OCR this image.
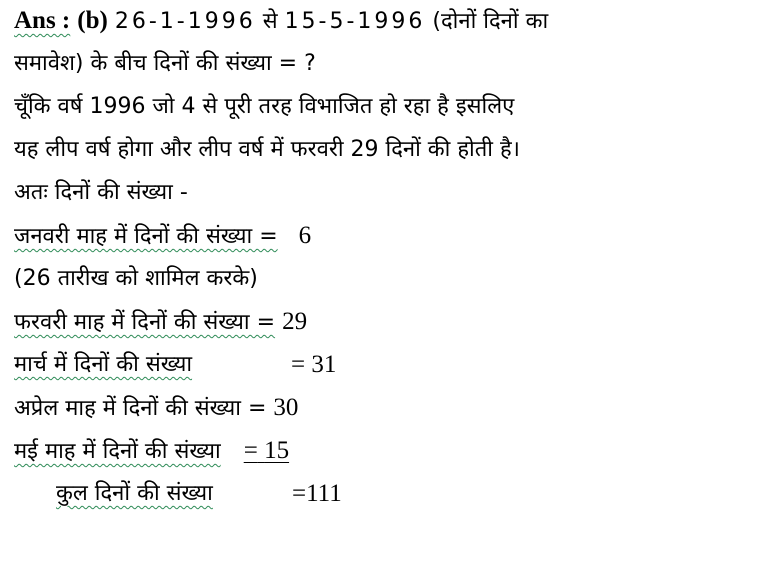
Ans : (b) 26-1-1996 से 15-5-1996 (दोनों दिनों का
समावेश) के बीच दिनों की संख्या = ?
चूँकि वर्ष 1996 जो 4 से पूरी तरह विभाजित हो रहा है इसलिए
यह लीप वर्ष होगा और लीप वर्ष में फरवरी 29 दिनों की होती है।
अतः दिनों की संख्या -
जनवरी माह में दिनों की संख्या = 6
(26 तारीख को शामिल करके)
फरवरी माह में दिनों की संख्या = 29
मार्च में दिनों की संख्या	= 31
अप्रेल माह में दिनों की संख्या = 30
मई माह में दिनों की संख्या = 15
कुल दिनों की संख्या	=111
